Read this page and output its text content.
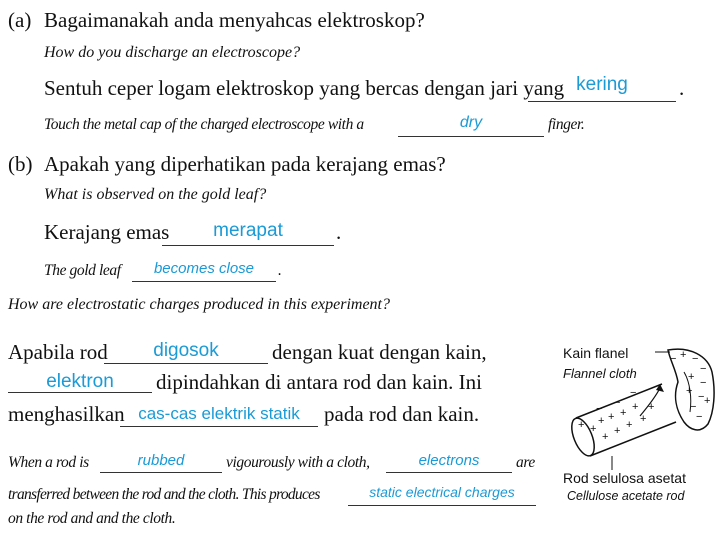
(a) Bagaimanakah anda menyahcas elektroskop?
How do you discharge an electroscope?
Sentuh ceper logam elektroskop yang bercas dengan jari yang kering	.
Touch the metal cap of the charged electroscope with a	dry	finger.
(b) Apakah yang diperhatikan pada kerajang emas?
What is observed on the gold leaf?
Kerajang emas	merapat	.
The gold leaf	becomes close	.
How are electrostatic charges produced in this experiment?
Apabila rod	digosok	dengan kuat dengan kain,
elektron	dipindahkan di antara rod dan kain. Ini
menghasilkan cas-cas elektrik statik	pada rod dan kain.
When a rod is	rubbed	vigourously with a cloth,	electrons	are
transferred between the rod and the cloth. This produces	static electrical charges
on the rod and and the cloth.
Kain flanel
Flannel cloth
Rod selulosa asetat
Cellulose acetate rod
+ +
+ + + +
+ + + +
+
− −
−
− + −
−
+ −
+ − +
−
−
